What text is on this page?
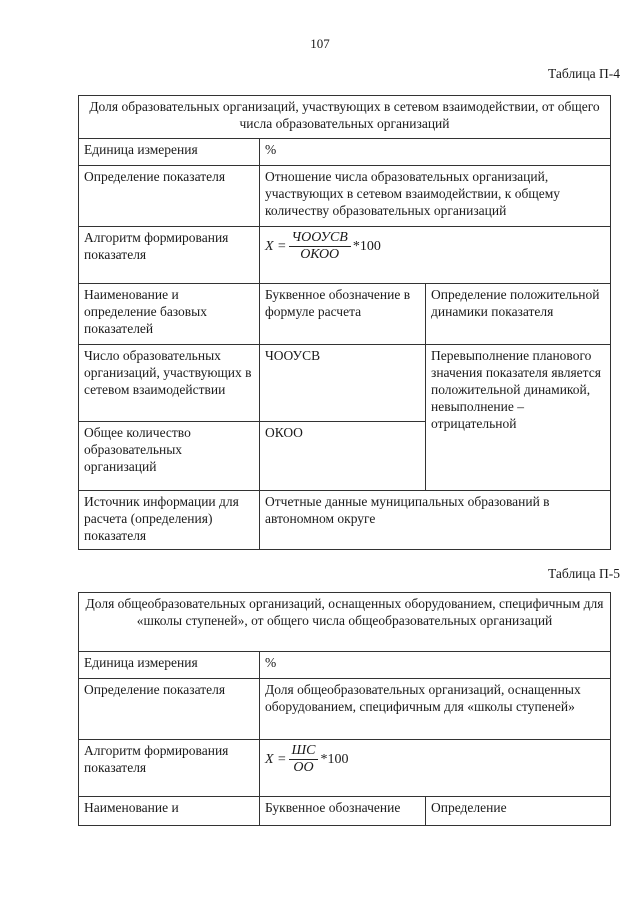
107
Таблица П-4
Доля образовательных организаций, участвующих в сетевом взаимодействии, от общего числа образовательных организаций		
Единица измерения	%	
Определение показателя	Отношение числа образовательных организаций, участвующих в сетевом взаимодействии, к общему количеству образовательных организаций	
Алгоритм формирования показателя	$X = \frac{\text{ЧООУСВ}}{\text{ОКОО}} *100$	

Наименование и определение базовых показателей	Буквенное обозначение в формуле расчета	Определение положительной динамики показателя
Число образовательных организаций, участвующих в сетевом взаимодействии	ЧООУСВ	Перевыполнение планового значения показателя является положительной динамикой, невыполнение – отрицательной
Общее количество образовательных организаций	ОКОО	
Источник информации для расчета (определения) показателя	Отчетные данные муниципальных образований в автономном округе	
Таблица П-5
Доля общеобразовательных организаций, оснащенных оборудованием, специфичным для «школы ступеней», от общего числа общеобразовательных организаций		
Единица измерения	%	
Определение показателя	Доля общеобразовательных организаций, оснащенных оборудованием, специфичным для «школы ступеней»	
Алгоритм формирования показателя	$X = \frac{ШС}{ОО} *100$	

Наименование и	Буквенное обозначение	Определение
